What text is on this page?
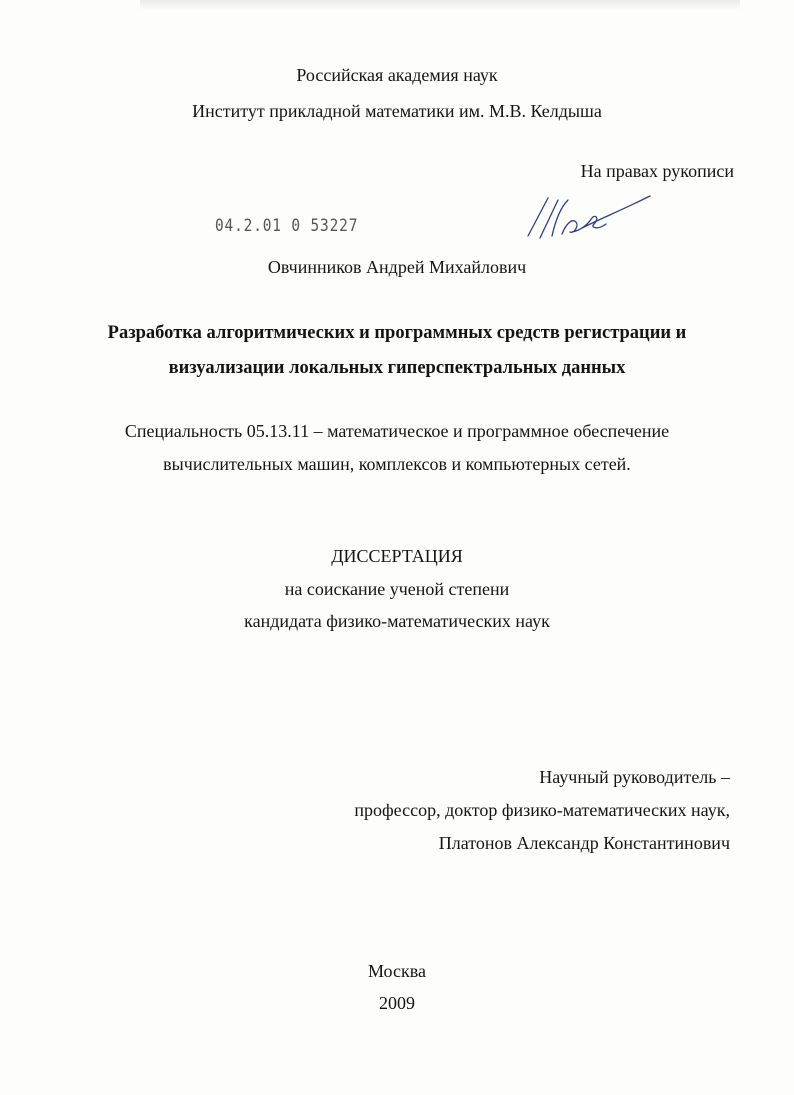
Российская академия наук
Институт прикладной математики им. М.В. Келдыша
На правах рукописи
04.2.01 0 53227
Овчинников Андрей Михайлович
Разработка алгоритмических и программных средств регистрации и
визуализации локальных гиперспектральных данных
Специальность 05.13.11 – математическое и программное обеспечение
вычислительных машин, комплексов и компьютерных сетей.
ДИССЕРТАЦИЯ
на соискание ученой степени
кандидата физико-математических наук
Научный руководитель –
профессор, доктор физико-математических наук,
Платонов Александр Константинович
Москва
2009
